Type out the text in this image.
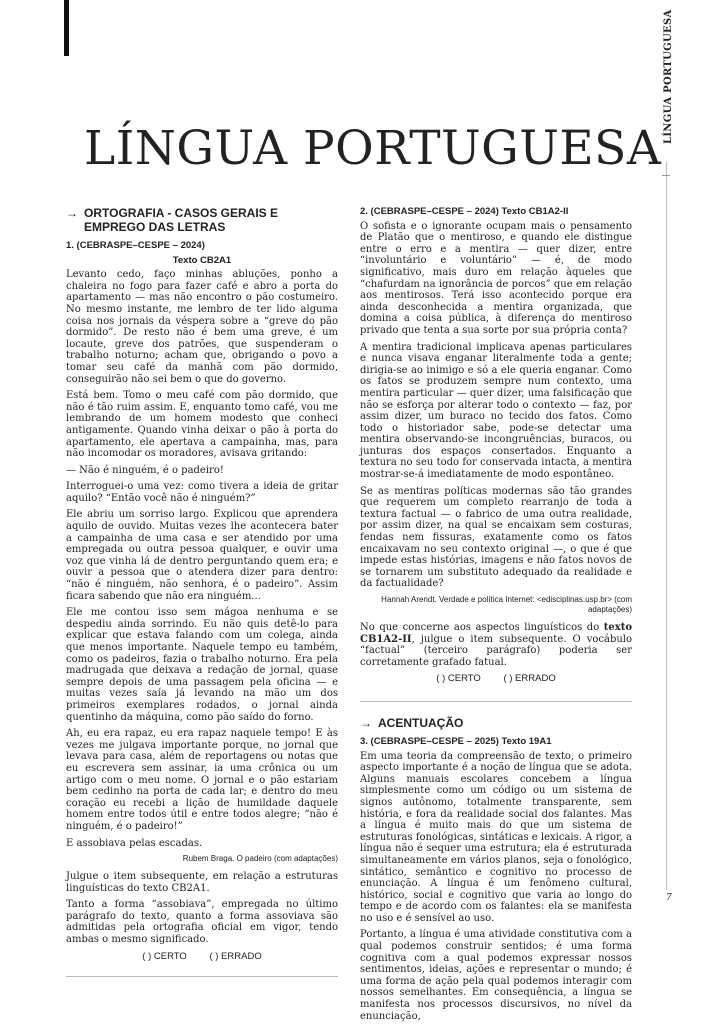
LÍNGUA PORTUGUESA
LÍNGUA PORTUGUESA
→ ORTOGRAFIA - CASOS GERAIS E EMPREGO DAS LETRAS
1. (CEBRASPE–CESPE – 2024)
Texto CB2A1

Levanto cedo, faço minhas abluções, ponho a chaleira no fogo para fazer café e abro a porta do apartamento — mas não encontro o pão costumeiro. No mesmo instante, me lembro de ter lido alguma coisa nos jornais da véspera sobre a “greve do pão dormido”. De resto não é bem uma greve, é um locaute, greve dos patrões, que suspenderam o trabalho noturno; acham que, obrigando o povo a tomar seu café da manhã com pão dormido, conseguirão não sei bem o que do governo.

Está bem. Tomo o meu café com pão dormido, que não é tão ruim assim. E, enquanto tomo café, vou me lembrando de um homem modesto que conheci antigamente. Quando vinha deixar o pão à porta do apartamento, ele apertava a campainha, mas, para não incomodar os moradores, avisava gritando:

— Não é ninguém, é o padeiro!

Interroguei-o uma vez: como tivera a ideia de gritar aquilo? “Então você não é ninguém?”

Ele abriu um sorriso largo. Explicou que aprendera aquilo de ouvido. Muitas vezes lhe acontecera bater a campainha de uma casa e ser atendido por uma empregada ou outra pessoa qualquer, e ouvir uma voz que vinha lá de dentro perguntando quem era; e ouvir a pessoa que o atendera dizer para dentro: “não é ninguém, não senhora, é o padeiro”. Assim ficara sabendo que não era ninguém...

Ele me contou isso sem mágoa nenhuma e se despediu ainda sorrindo. Eu não quis detê-lo para explicar que estava falando com um colega, ainda que menos importante. Naquele tempo eu também, como os padeiros, fazia o trabalho noturno. Era pela madrugada que deixava a redação de jornal, quase sempre depois de uma passagem pela oficina — e muitas vezes saía já levando na mão um dos primeiros exemplares rodados, o jornal ainda quentinho da máquina, como pão saído do forno.

Ah, eu era rapaz, eu era rapaz naquele tempo! E às vezes me julgava importante porque, no jornal que levava para casa, além de reportagens ou notas que eu escrevera sem assinar, ia uma crônica ou um artigo com o meu nome. O jornal e o pão estariam bem cedinho na porta de cada lar; e dentro do meu coração eu recebi a lição de humildade daquele homem entre todos útil e entre todos alegre; “não é ninguém, é o padeiro!”

E assobiava pelas escadas.

Rubem Braga. O padeiro (com adaptações)

Julgue o item subsequente, em relação a estruturas linguísticas do texto CB2A1.

Tanto a forma “assobiava”, empregada no último parágrafo do texto, quanto a forma assoviava são admitidas pela ortografia oficial em vigor, tendo ambas o mesmo significado.

( ) CERTO ( ) ERRADO
2. (CEBRASPE–CESPE – 2024) Texto CB1A2-II

O sofista e o ignorante ocupam mais o pensamento de Platão que o mentiroso, e quando ele distingue entre o erro e a mentira — quer dizer, entre “involuntário e voluntário” — é, de modo significativo, mais duro em relação àqueles que “chafurdam na ignorância de porcos” que em relação aos mentirosos. Terá isso acontecido porque era ainda desconhecida a mentira organizada, que domina a coisa pública, à diferença do mentiroso privado que tenta a sua sorte por sua própria conta?

A mentira tradicional implicava apenas particulares e nunca visava enganar literalmente toda a gente; dirigia-se ao inimigo e só a ele queria enganar. Como os fatos se produzem sempre num contexto, uma mentira particular — quer dizer, uma falsificação que não se esforça por alterar todo o contexto — faz, por assim dizer, um buraco no tecido dos fatos. Como todo o historiador sabe, pode-se detectar uma mentira observando-se incongruências, buracos, ou junturas dos espaços consertados. Enquanto a textura no seu todo for conservada intacta, a mentira mostrar-se-á imediatamente de modo espontâneo.

Se as mentiras políticas modernas são tão grandes que requerem um completo rearranjo de toda a textura factual — o fabrico de uma outra realidade, por assim dizer, na qual se encaixam sem costuras, fendas nem fissuras, exatamente como os fatos encaixavam no seu contexto original —, o que é que impede estas histórias, imagens e não fatos novos de se tornarem um substituto adequado da realidade e da factualidade?

Hannah Arendt. Verdade e política Internet: <edisciplinas.usp.br> (com adaptações)

No que concerne aos aspectos linguísticos do texto CB1A2-II, julgue o item subsequente. O vocábulo “factual” (terceiro parágrafo) poderia ser corretamente grafado fatual.

( ) CERTO ( ) ERRADO
→ ACENTUAÇÃO
3. (CEBRASPE–CESPE – 2025) Texto 19A1

Em uma teoria da compreensão de texto, o primeiro aspecto importante é a noção de língua que se adota. Alguns manuais escolares concebem a língua simplesmente como um código ou um sistema de signos autônomo, totalmente transparente, sem história, e fora da realidade social dos falantes. Mas a língua é muito mais do que um sistema de estruturas fonológicas, sintáticas e lexicais. A rigor, a língua não é sequer uma estrutura; ela é estruturada simultaneamente em vários planos, seja o fonológico, sintático, semântico e cognitivo no processo de enunciação. A língua é um fenômeno cultural, histórico, social e cognitivo que varia ao longo do tempo e de acordo com os falantes: ela se manifesta no uso e é sensível ao uso.

Portanto, a língua é uma atividade constitutiva com a qual podemos construir sentidos; é uma forma cognitiva com a qual podemos expressar nossos sentimentos, ideias, ações e representar o mundo; é uma forma de ação pela qual podemos interagir com nossos semelhantes. Em consequência, a língua se manifesta nos processos discursivos, no nível da enunciação,

7
